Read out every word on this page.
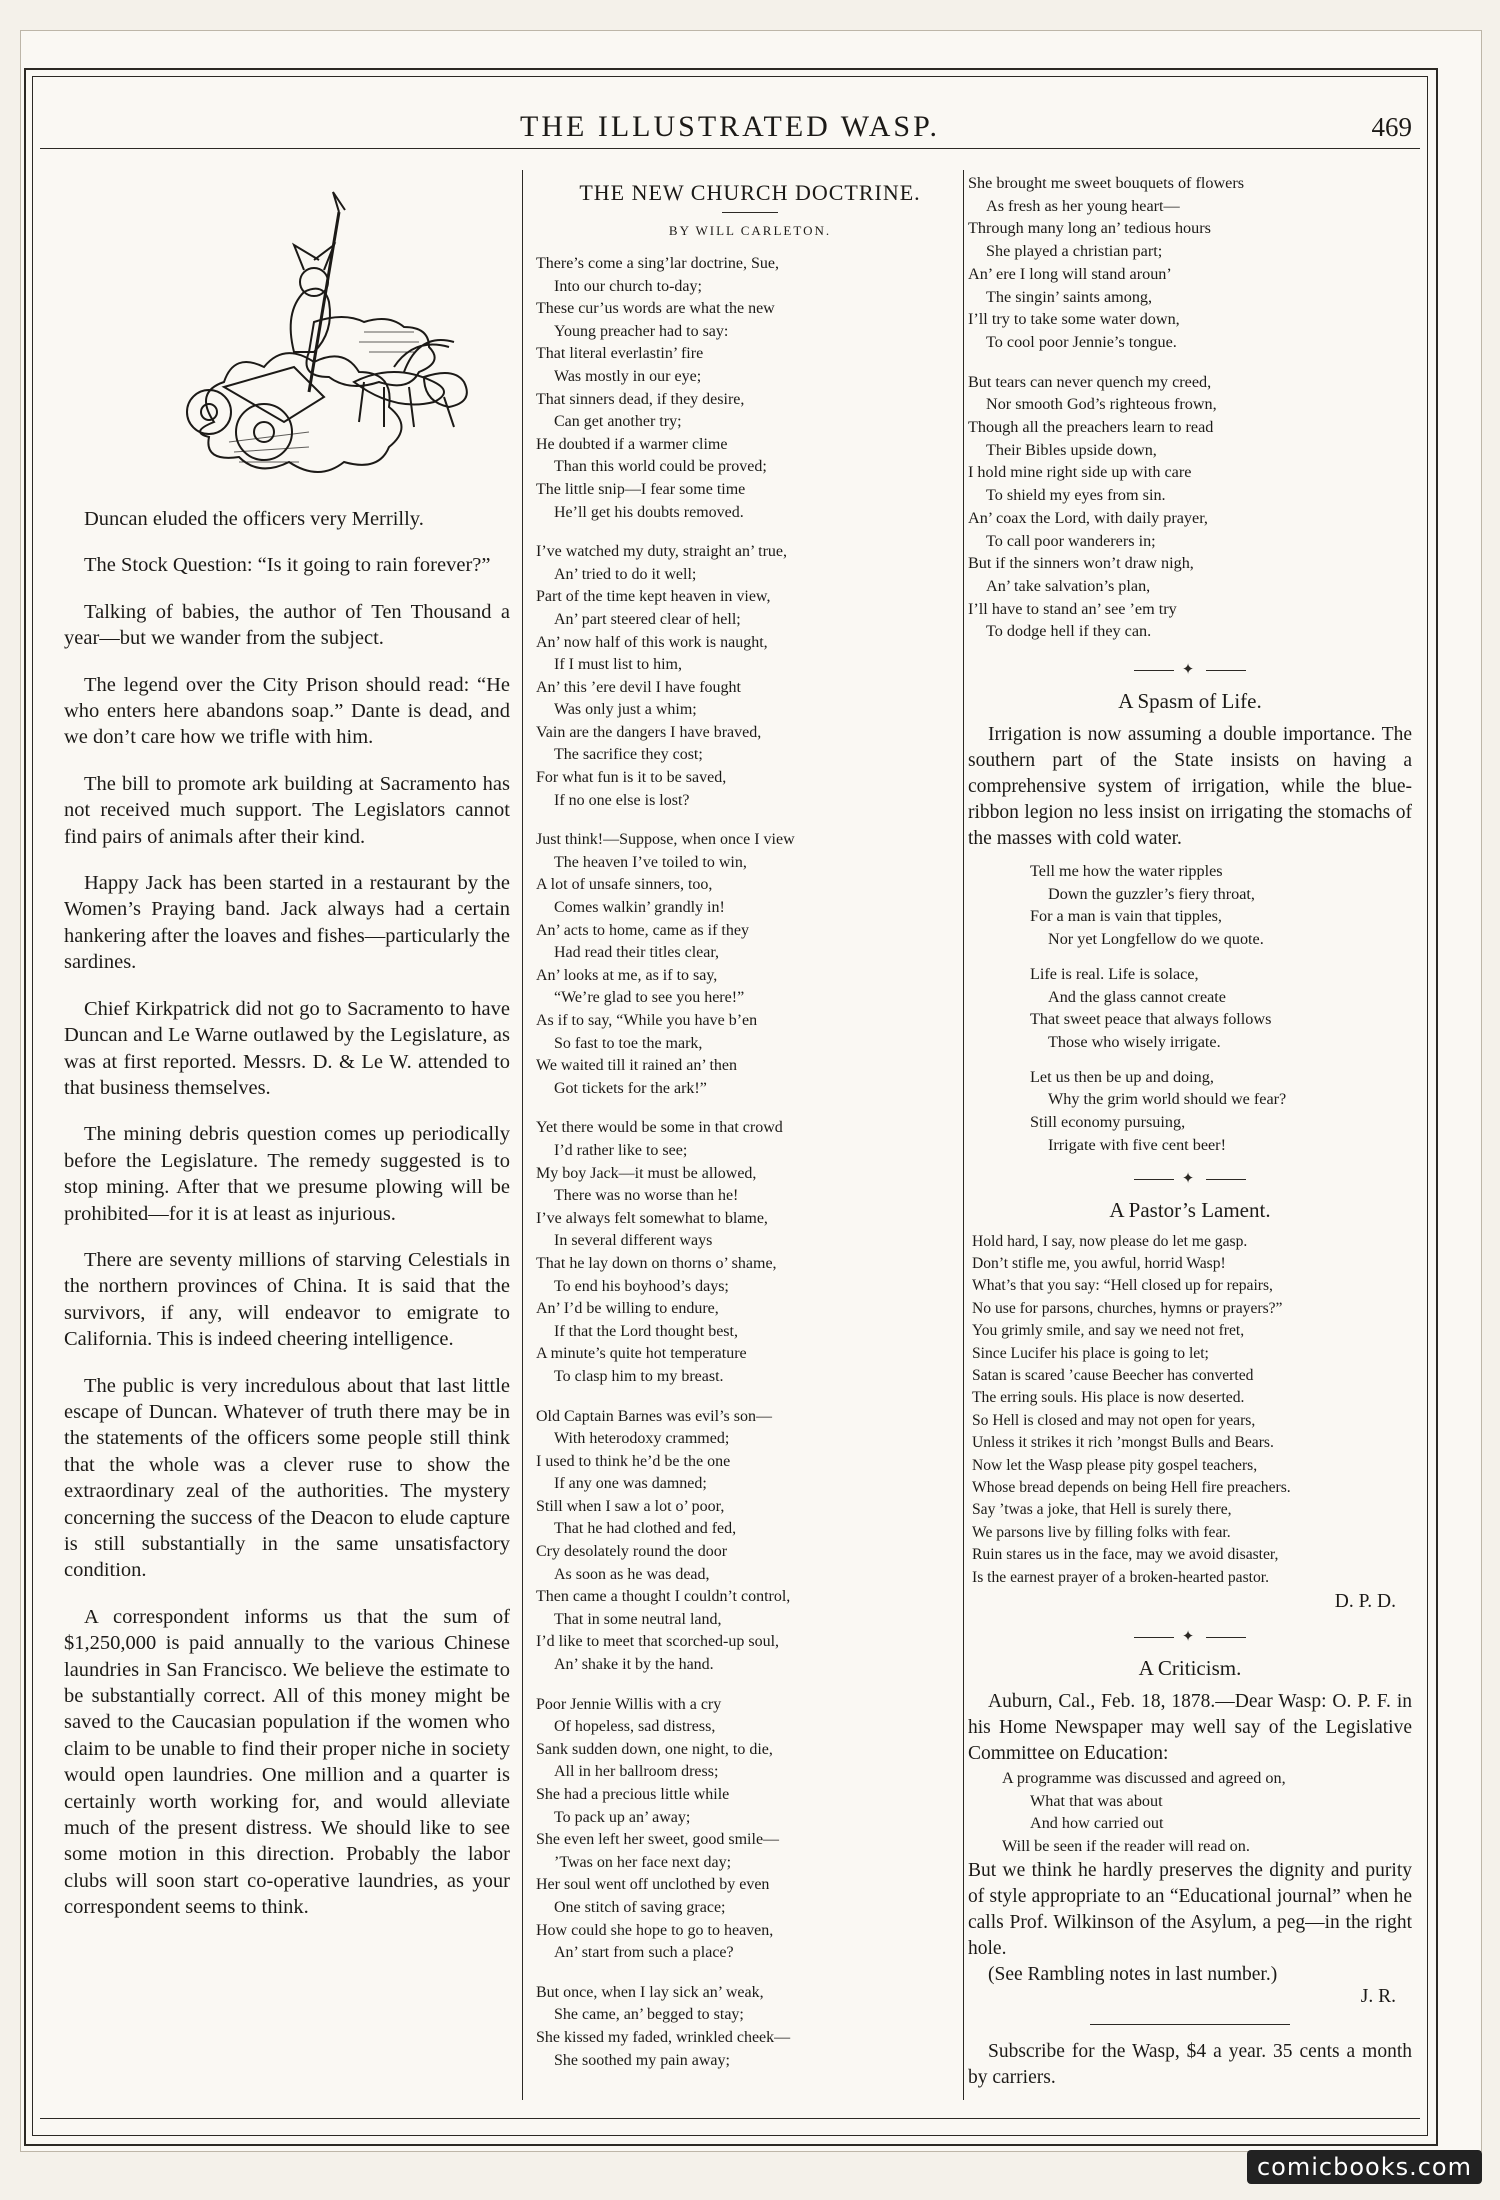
THE ILLUSTRATED WASP.	469

Duncan eluded the officers very Merrilly.

The Stock Question: “Is it going to rain forever?”

Talking of babies, the author of Ten Thousand a year—but we wander from the subject.

The legend over the City Prison should read: “He who enters here abandons soap.” Dante is dead, and we don’t care how we trifle with him.

The bill to promote ark building at Sacramento has not received much support. The Legislators cannot find pairs of animals after their kind.

Happy Jack has been started in a restaurant by the Women’s Praying band. Jack always had a certain hankering after the loaves and fishes—particularly the sardines.

Chief Kirkpatrick did not go to Sacramento to have Duncan and Le Warne outlawed by the Legislature, as was at first reported. Messrs. D. & Le W. attended to that business themselves.

The mining debris question comes up periodically before the Legislature. The remedy suggested is to stop mining. After that we presume plowing will be prohibited—for it is at least as injurious.

There are seventy millions of starving Celestials in the northern provinces of China. It is said that the survivors, if any, will endeavor to emigrate to California. This is indeed cheering intelligence.

The public is very incredulous about that last little escape of Duncan. Whatever of truth there may be in the statements of the officers some people still think that the whole was a clever ruse to show the extraordinary zeal of the authorities. The mystery concerning the success of the Deacon to elude capture is still substantially in the same unsatisfactory condition.

A correspondent informs us that the sum of $1,250,000 is paid annually to the various Chinese laundries in San Francisco. We believe the estimate to be substantially correct. All of this money might be saved to the Caucasian population if the women who claim to be unable to find their proper niche in society would open laundries. One million and a quarter is certainly worth working for, and would alleviate much of the present distress. We should like to see some motion in this direction. Probably the labor clubs will soon start co-operative laundries, as your correspondent seems to think.

THE NEW CHURCH DOCTRINE.
BY WILL CARLETON.

There’s come a sing’lar doctrine, Sue,

Into our church to-day;

These cur’us words are what the new

Young preacher had to say:

That literal everlastin’ fire

Was mostly in our eye;

That sinners dead, if they desire,

Can get another try;

He doubted if a warmer clime

Than this world could be proved;

The little snip—I fear some time

He’ll get his doubts removed.

I’ve watched my duty, straight an’ true,

An’ tried to do it well;

Part of the time kept heaven in view,

An’ part steered clear of hell;

An’ now half of this work is naught,

If I must list to him,

An’ this ’ere devil I have fought

Was only just a whim;

Vain are the dangers I have braved,

The sacrifice they cost;

For what fun is it to be saved,

If no one else is lost?

Just think!—Suppose, when once I view

The heaven I’ve toiled to win,

A lot of unsafe sinners, too,

Comes walkin’ grandly in!

An’ acts to home, came as if they

Had read their titles clear,

An’ looks at me, as if to say,

“We’re glad to see you here!”

As if to say, “While you have b’en

So fast to toe the mark,

We waited till it rained an’ then

Got tickets for the ark!”

Yet there would be some in that crowd

I’d rather like to see;

My boy Jack—it must be allowed,

There was no worse than he!

I’ve always felt somewhat to blame,

In several different ways

That he lay down on thorns o’ shame,

To end his boyhood’s days;

An’ I’d be willing to endure,

If that the Lord thought best,

A minute’s quite hot temperature

To clasp him to my breast.

Old Captain Barnes was evil’s son—

With heterodoxy crammed;

I used to think he’d be the one

If any one was damned;

Still when I saw a lot o’ poor,

That he had clothed and fed,

Cry desolately round the door

As soon as he was dead,

Then came a thought I couldn’t control,

That in some neutral land,

I’d like to meet that scorched-up soul,

An’ shake it by the hand.

Poor Jennie Willis with a cry

Of hopeless, sad distress,

Sank sudden down, one night, to die,

All in her ballroom dress;

She had a precious little while

To pack up an’ away;

She even left her sweet, good smile—

’Twas on her face next day;

Her soul went off unclothed by even

One stitch of saving grace;

How could she hope to go to heaven,

An’ start from such a place?

But once, when I lay sick an’ weak,

She came, an’ begged to stay;

She kissed my faded, wrinkled cheek—

She soothed my pain away;

She brought me sweet bouquets of flowers

As fresh as her young heart—

Through many long an’ tedious hours

She played a christian part;

An’ ere I long will stand aroun’

The singin’ saints among,

I’ll try to take some water down,

To cool poor Jennie’s tongue.

But tears can never quench my creed,

Nor smooth God’s righteous frown,

Though all the preachers learn to read

Their Bibles upside down,

I hold mine right side up with care

To shield my eyes from sin.

An’ coax the Lord, with daily prayer,

To call poor wanderers in;

But if the sinners won’t draw nigh,

An’ take salvation’s plan,

I’ll have to stand an’ see ’em try

To dodge hell if they can.

✦
A Spasm of Life.

Irrigation is now assuming a double importance. The southern part of the State insists on having a comprehensive system of irrigation, while the blue-ribbon legion no less insist on irrigating the stomachs of the masses with cold water.

Tell me how the water ripples

Down the guzzler’s fiery throat,

For a man is vain that tipples,

Nor yet Longfellow do we quote.

Life is real. Life is solace,

And the glass cannot create

That sweet peace that always follows

Those who wisely irrigate.

Let us then be up and doing,

Why the grim world should we fear?

Still economy pursuing,

Irrigate with five cent beer!

✦
A Pastor’s Lament.

Hold hard, I say, now please do let me gasp.

Don’t stifle me, you awful, horrid Wasp!

What’s that you say: “Hell closed up for repairs,

No use for parsons, churches, hymns or prayers?”

You grimly smile, and say we need not fret,

Since Lucifer his place is going to let;

Satan is scared ’cause Beecher has converted

The erring souls. His place is now deserted.

So Hell is closed and may not open for years,

Unless it strikes it rich ’mongst Bulls and Bears.

Now let the Wasp please pity gospel teachers,

Whose bread depends on being Hell fire preachers.

Say ’twas a joke, that Hell is surely there,

We parsons live by filling folks with fear.

Ruin stares us in the face, may we avoid disaster,

Is the earnest prayer of a broken-hearted pastor.

D. P. D.

✦
A Criticism.

Auburn, Cal., Feb. 18, 1878.—Dear Wasp: O. P. F. in his Home Newspaper may well say of the Legislative Committee on Education:

A programme was discussed and agreed on,

What that was about

And how carried out

Will be seen if the reader will read on.

But we think he hardly preserves the dignity and purity of style appropriate to an “Educational journal” when he calls Prof. Wilkinson of the Asylum, a peg—in the right hole.

(See Rambling notes in last number.)

J. R.

Subscribe for the Wasp, $4 a year. 35 cents a month by carriers.

comicbooks.com
